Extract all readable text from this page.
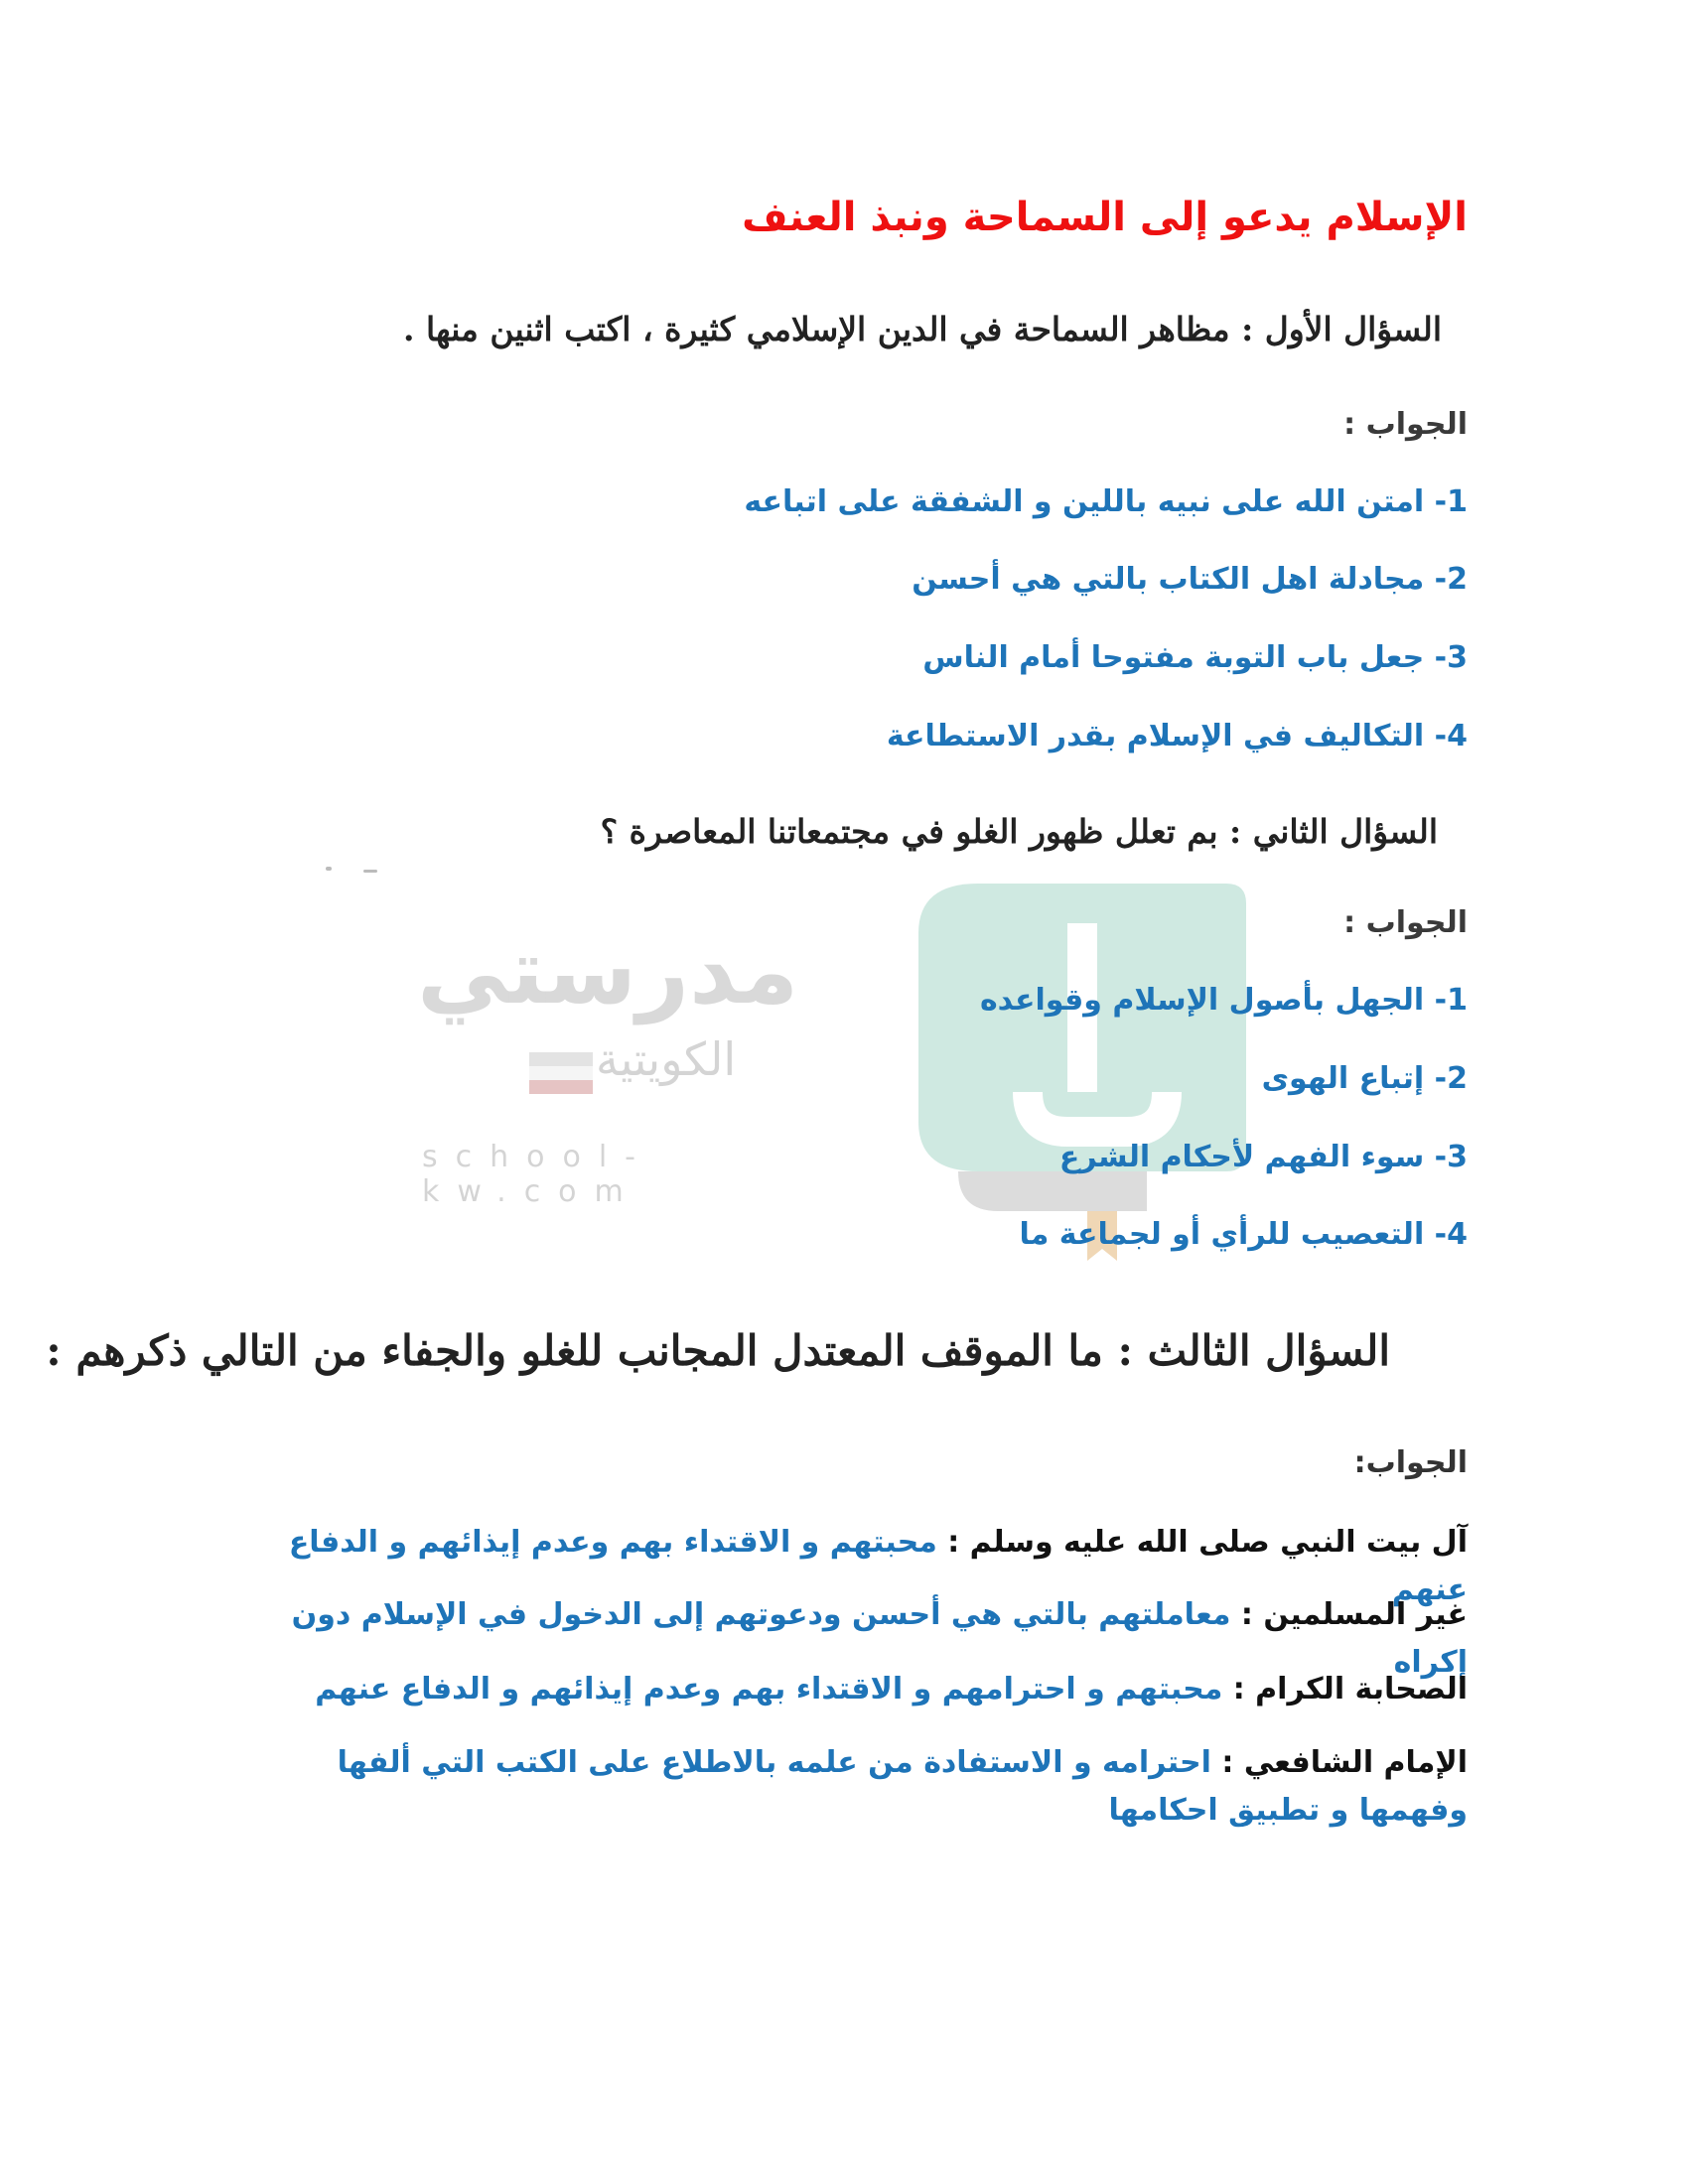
مدرستي
الكويتية
school-kw.com
الإسلام يدعو إلى السماحة ونبذ العنف
السؤال الأول : مظاهر السماحة في الدين الإسلامي كثيرة ، اكتب اثنين منها .
الجواب :
1- امتن الله على نبيه باللين و الشفقة على اتباعه
2- مجادلة اهل الكتاب بالتي هي أحسن
3- جعل باب التوبة مفتوحا أمام الناس
4- التكاليف في الإسلام بقدر الاستطاعة
السؤال الثاني : بم تعلل ظهور الغلو في مجتمعاتنا المعاصرة ؟
الجواب :
1- الجهل بأصول الإسلام وقواعده
2- إتباع الهوى
3- سوء الفهم لأحكام الشرع
4- التعصيب للرأي أو لجماعة ما
السؤال الثالث : ما الموقف المعتدل المجانب للغلو والجفاء من التالي ذكرهم :
الجواب:
آل بيت النبي صلى الله عليه وسلم : محبتهم و الاقتداء بهم وعدم إيذائهم و الدفاع عنهم
غير المسلمين : معاملتهم بالتي هي أحسن ودعوتهم إلى الدخول في الإسلام دون إكراه
الصحابة الكرام : محبتهم و احترامهم و الاقتداء بهم وعدم إيذائهم و الدفاع عنهم
الإمام الشافعي : احترامه و الاستفادة من علمه بالاطلاع على الكتب التي ألفها وفهمها و تطبيق احكامها
